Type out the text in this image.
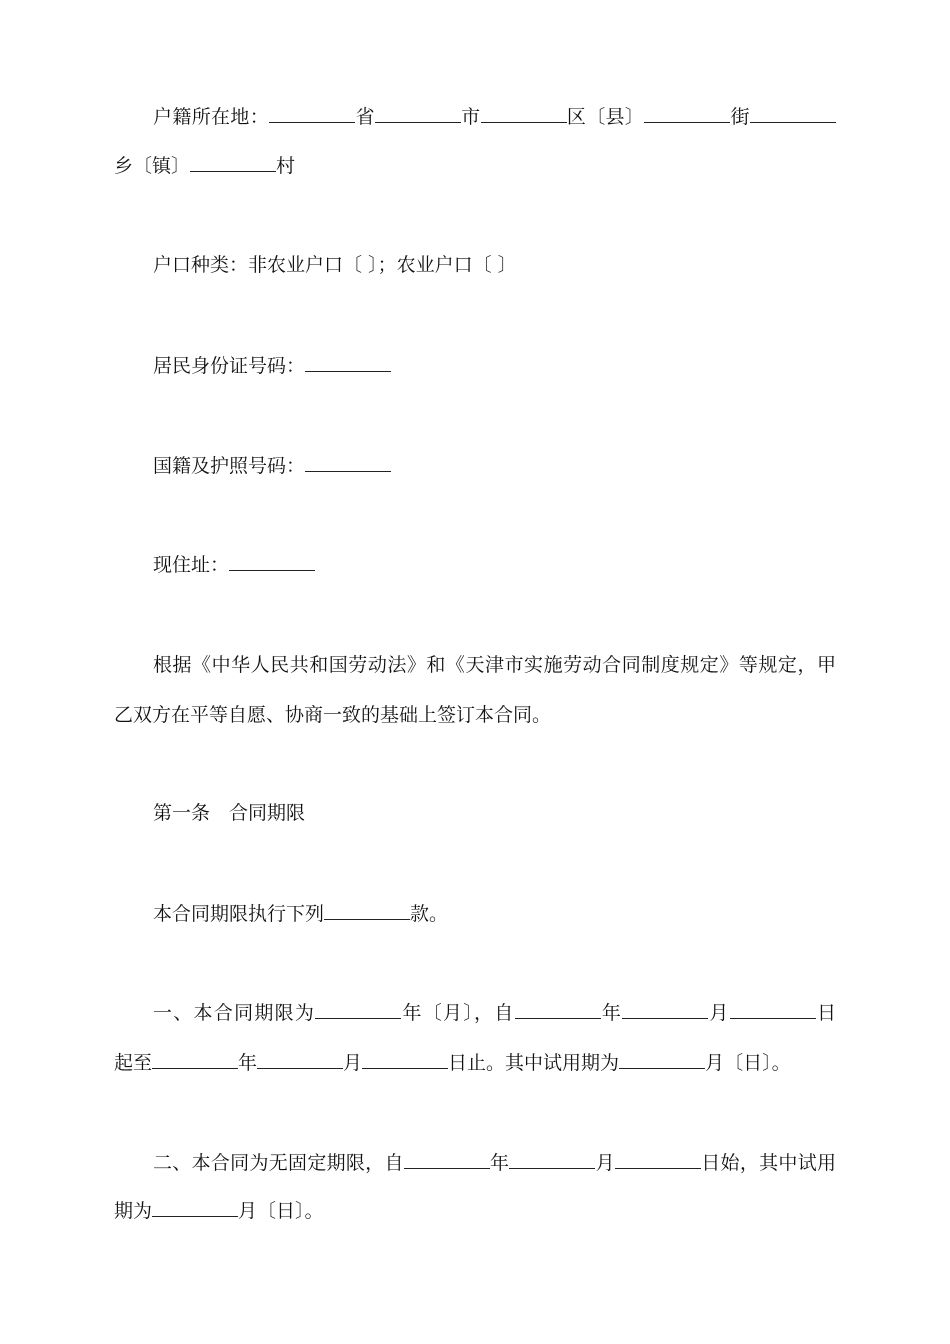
户籍所在地：	省	市	区〔县〕	街
乡〔镇〕	村
户口种类：非农业户口〔 〕；农业户口〔 〕
居民身份证号码：
国籍及护照号码：
现住址：
根据《中华人民共和国劳动法》和《天津市实施劳动合同制度规定》等规定，甲
乙双方在平等自愿、协商一致的基础上签订本合同。
第一条　合同期限
本合同期限执行下列	款。
一、本合同期限为	年〔月〕，自	年	月	日
起至	年	月	日止。其中试用期为	月〔日〕。
二、本合同为无固定期限，自	年	月	日始，其中试用
期为	月〔日〕。
